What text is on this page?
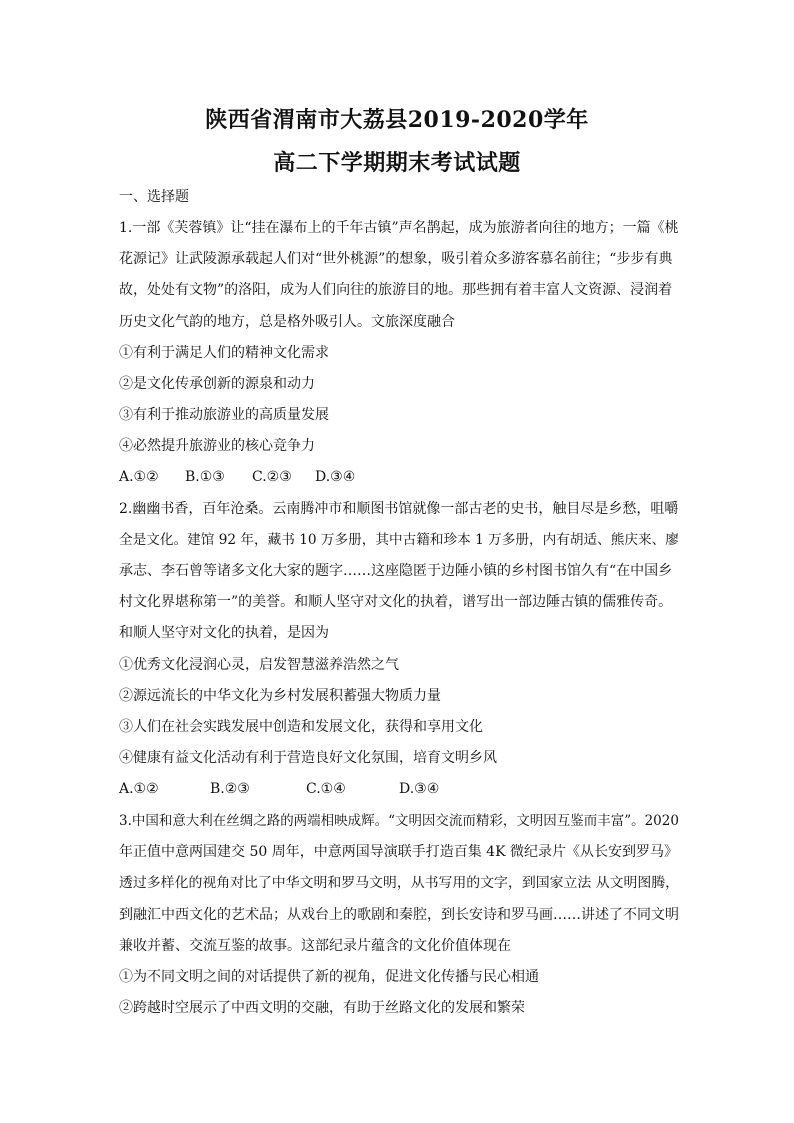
陕西省渭南市大荔县2019-2020学年
高二下学期期末考试试题
一、选择题
1.一部《芙蓉镇》让“挂在瀑布上的千年古镇”声名鹊起，成为旅游者向往的地方；一篇《桃
花源记》让武陵源承载起人们对“世外桃源”的想象，吸引着众多游客慕名前往；“步步有典
故，处处有文物”的洛阳，成为人们向往的旅游目的地。那些拥有着丰富人文资源、浸润着
历史文化气韵的地方，总是格外吸引人。文旅深度融合
①有利于满足人们的精神文化需求
②是文化传承创新的源泉和动力
③有利于推动旅游业的高质量发展
④必然提升旅游业的核心竞争力
A.①② B.①③ C.②③ D.③④
2.幽幽书香，百年沧桑。云南腾冲市和顺图书馆就像一部古老的史书，触目尽是乡愁，咀嚼
全是文化。建馆 92 年，藏书 10 万多册，其中古籍和珍本 1 万多册，内有胡适、熊庆来、廖
承志、李石曾等诸多文化大家的题字……这座隐匿于边陲小镇的乡村图书馆久有“在中国乡
村文化界堪称第一”的美誉。和顺人坚守对文化的执着，谱写出一部边陲古镇的儒雅传奇。
和顺人坚守对文化的执着，是因为
①优秀文化浸润心灵，启发智慧滋养浩然之气
②源远流长的中华文化为乡村发展积蓄强大物质力量
③人们在社会实践发展中创造和发展文化，获得和享用文化
④健康有益文化活动有利于营造良好文化氛围，培育文明乡风
A.①②	B.②③	C.①④	D.③④
3.中国和意大利在丝绸之路的两端相映成辉。“文明因交流而精彩，文明因互鉴而丰富”。2020
年正值中意两国建交 50 周年，中意两国导演联手打造百集 4K 微纪录片《从长安到罗马》
透过多样化的视角对比了中华文明和罗马文明，从书写用的文字，到国家立法 从文明图腾，
到融汇中西文化的艺术品；从戏台上的歌剧和秦腔，到长安诗和罗马画……讲述了不同文明
兼收并蓄、交流互鉴的故事。这部纪录片蕴含的文化价值体现在
①为不同文明之间的对话提供了新的视角，促进文化传播与民心相通
②跨越时空展示了中西文明的交融，有助于丝路文化的发展和繁荣
